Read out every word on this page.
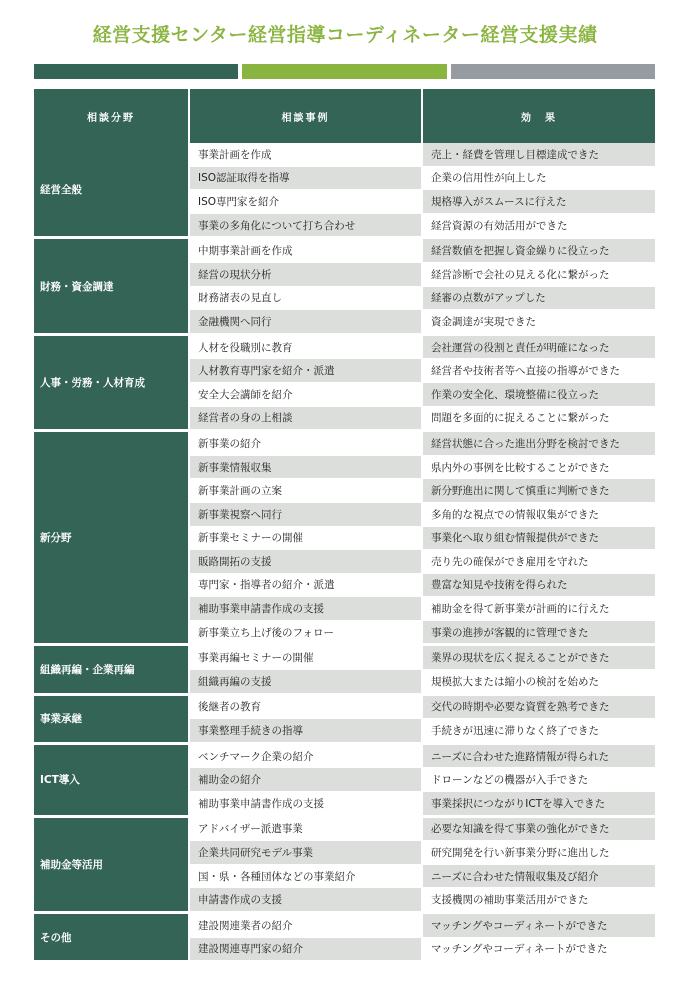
経営支援センター経営指導コーディネーター経営支援実績
相談分野	相談事例	効　果
経営全般	事業計画を作成	売上・経費を管理し目標達成できた
	ISO認証取得を指導	企業の信用性が向上した
	ISO専門家を紹介	規格導入がスムースに行えた
	事業の多角化について打ち合わせ	経営資源の有効活用ができた
財務・資金調達	中期事業計画を作成	経営数値を把握し資金繰りに役立った
	経営の現状分析	経営診断で会社の見える化に繋がった
	財務諸表の見直し	経審の点数がアップした
	金融機関へ同行	資金調達が実現できた
人事・労務・人材育成	人材を役職別に教育	会社運営の役割と責任が明確になった
	人材教育専門家を紹介・派遣	経営者や技術者等へ直接の指導ができた
	安全大会講師を紹介	作業の安全化、環境整備に役立った
	経営者の身の上相談	問題を多面的に捉えることに繋がった
新分野	新事業の紹介	経営状態に合った進出分野を検討できた
	新事業情報収集	県内外の事例を比較することができた
	新事業計画の立案	新分野進出に関して慎重に判断できた
	新事業視察へ同行	多角的な視点での情報収集ができた
	新事業セミナーの開催	事業化へ取り組む情報提供ができた
	販路開拓の支援	売り先の確保ができ雇用を守れた
	専門家・指導者の紹介・派遣	豊富な知見や技術を得られた
	補助事業申請書作成の支援	補助金を得て新事業が計画的に行えた
	新事業立ち上げ後のフォロー	事業の進捗が客観的に管理できた
組織再編・企業再編	事業再編セミナーの開催	業界の現状を広く捉えることができた
	組織再編の支援	規模拡大または縮小の検討を始めた
事業承継	後継者の教育	交代の時期や必要な資質を熟考できた
	事業整理手続きの指導	手続きが迅速に滞りなく終了できた
ICT導入	ベンチマーク企業の紹介	ニーズに合わせた進路情報が得られた
	補助金の紹介	ドローンなどの機器が入手できた
	補助事業申請書作成の支援	事業採択につながりICTを導入できた
補助金等活用	アドバイザー派遣事業	必要な知識を得て事業の強化ができた
	企業共同研究モデル事業	研究開発を行い新事業分野に進出した
	国・県・各種団体などの事業紹介	ニーズに合わせた情報収集及び紹介
	申請書作成の支援	支援機関の補助事業活用ができた
その他	建設関連業者の紹介	マッチングやコーディネートができた
	建設関連専門家の紹介	マッチングやコーディネートができた
